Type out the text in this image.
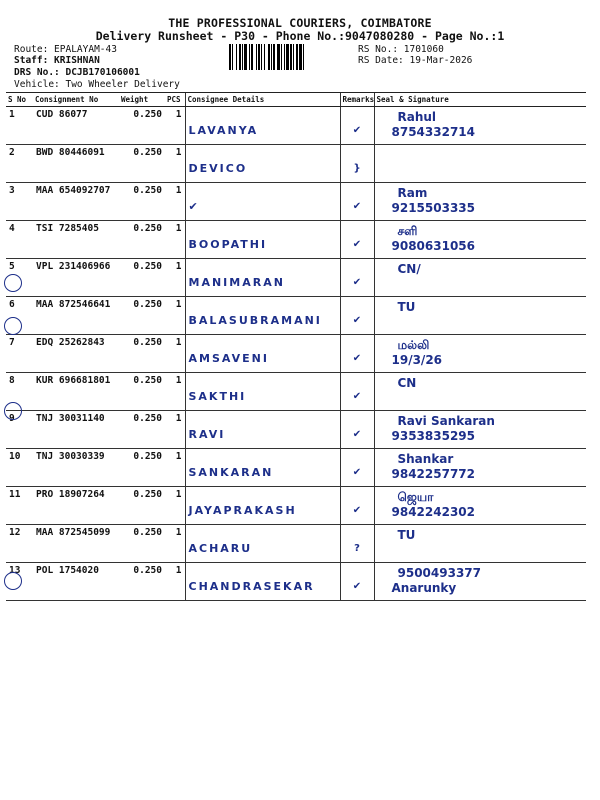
THE PROFESSIONAL COURIERS, COIMBATORE
Delivery Runsheet - P30 - Phone No.:9047080280 - Page No.:1
Route: EPALAYAM-43
Staff: KRISHNAN
DRS No.: DCJB170106001
Vehicle: Two Wheeler Delivery
RS No.: 1701060
RS Date: 19-Mar-2026
S No	Consignment No	Weight	PCS	Consignee Details	Remarks	Seal & Signature
1	CUD 86077	0.250	1	LAVANYA	✔	Rahul
8754332714

2	BWD 80446091	0.250	1	DEVICO	}	

3	MAA 654092707	0.250	1	✔	✔	Ram
9215503335

4	TSI 7285405	0.250	1	BOOPATHI	✔	சளி
9080631056

5	VPL 231406966	0.250	1	MANIMARAN	✔	CN/

6	MAA 872546641	0.250	1	BALASUBRAMANI	✔	TU

7	EDQ 25262843	0.250	1	AMSAVENI	✔	மல்லி
19/3/26

8	KUR 696681801	0.250	1	SAKTHI	✔	CN

9	TNJ 30031140	0.250	1	RAVI	✔	Ravi Sankaran
9353835295

10	TNJ 30030339	0.250	1	SANKARAN	✔	Shankar
9842257772

11	PRO 18907264	0.250	1	JAYAPRAKASH	✔	ஜெயா
9842242302

12	MAA 872545099	0.250	1	ACHARU	?	TU

13	POL 1754020	0.250	1	CHANDRASEKAR	✔	9500493377
Anarunky
